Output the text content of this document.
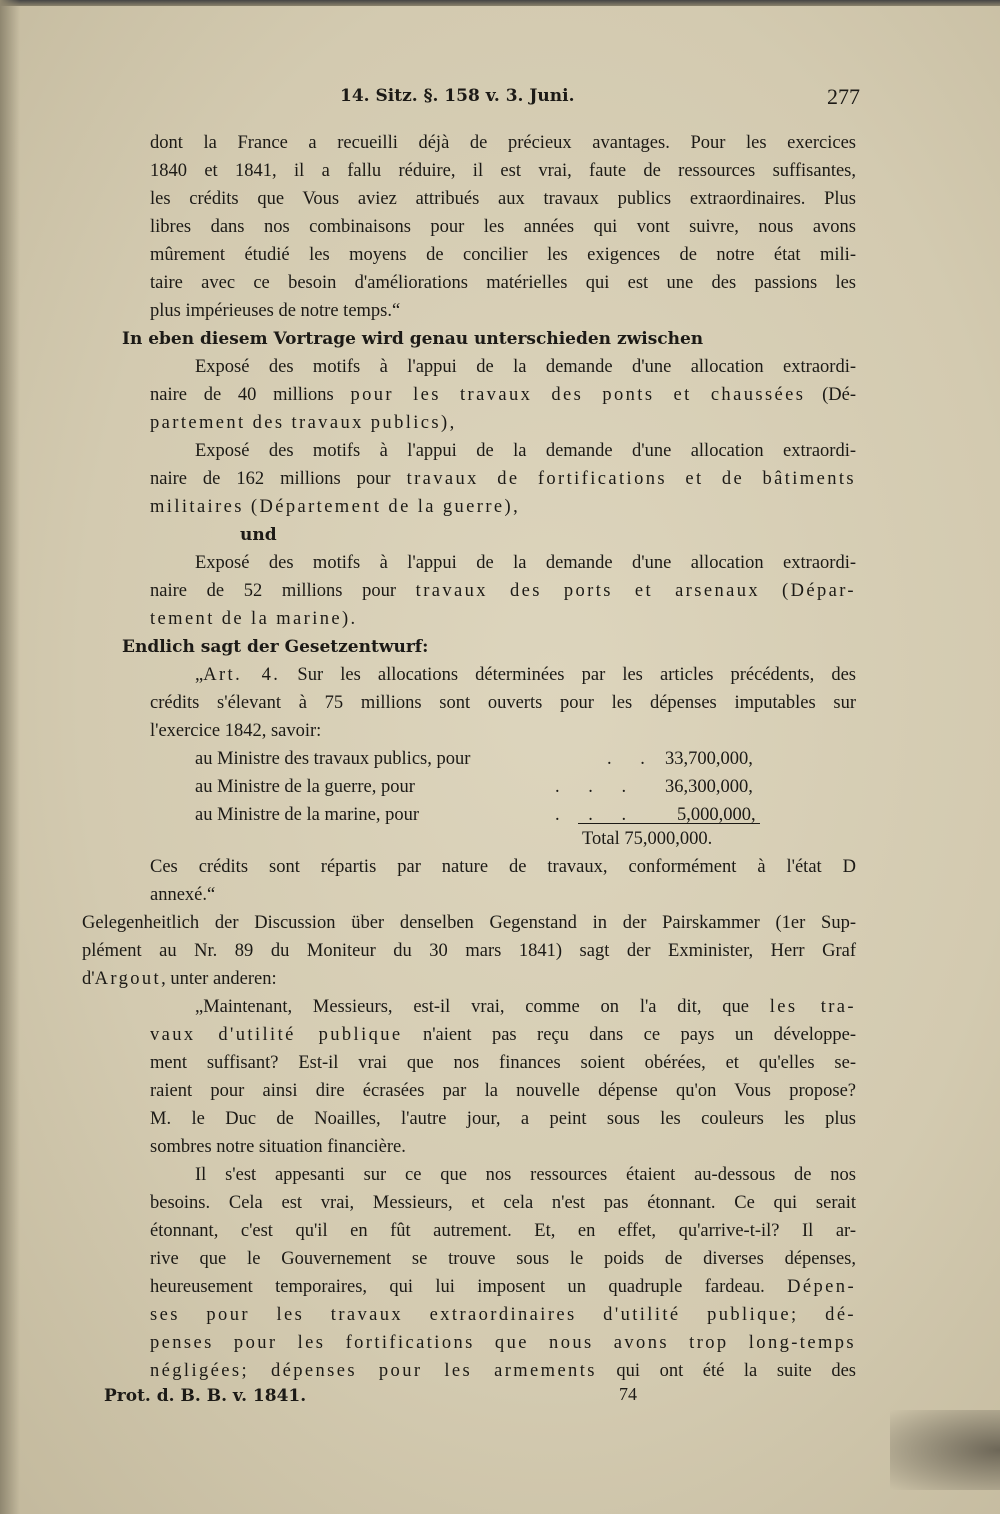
14. Sitz. §. 158 v. 3. Juni.	277
dont la France a recueilli déjà de précieux avantages. Pour les exercices
1840 et 1841, il a fallu réduire, il est vrai, faute de ressources suffisantes,
les crédits que Vous aviez attribués aux travaux publics extraordinaires. Plus
libres dans nos combinaisons pour les années qui vont suivre, nous avons
mûrement étudié les moyens de concilier les exigences de notre état mili-
taire avec ce besoin d'améliorations matérielles qui est une des passions les
plus impérieuses de notre temps.“
In eben diesem Vortrage wird genau unterschieden zwischen
Exposé des motifs à l'appui de la demande d'une allocation extraordi-
naire de 40 millions pour les travaux des ponts et chaussées (Dé-
partement des travaux publics),
Exposé des motifs à l'appui de la demande d'une allocation extraordi-
naire de 162 millions pour travaux de fortifications et de bâtiments
militaires (Département de la guerre),
und
Exposé des motifs à l'appui de la demande d'une allocation extraordi-
naire de 52 millions pour travaux des ports et arsenaux (Dépar-
tement de la marine).
Endlich sagt der Gesetzentwurf:
„Art. 4. Sur les allocations déterminées par les articles précédents, des
crédits s'élevant à 75 millions sont ouverts pour les dépenses imputables sur
l'exercice 1842, savoir:
au Ministre des travaux publics, pour	. . 33,700,000,
au Ministre de la guerre, pour	. . . 36,300,000,
au Ministre de la marine, pour	. . . 5,000,000,
Total 75,000,000.
Ces crédits sont répartis par nature de travaux, conformément à l'état D
annexé.“
Gelegenheitlich der Discussion über denselben Gegenstand in der Pairskammer (1er Sup-
plément au Nr. 89 du Moniteur du 30 mars 1841) sagt der Exminister, Herr Graf
d'Argout, unter anderen:
„Maintenant, Messieurs, est-il vrai, comme on l'a dit, que les tra-
vaux d'utilité publique n'aient pas reçu dans ce pays un développe-
ment suffisant? Est-il vrai que nos finances soient obérées, et qu'elles se-
raient pour ainsi dire écrasées par la nouvelle dépense qu'on Vous propose?
M. le Duc de Noailles, l'autre jour, a peint sous les couleurs les plus
sombres notre situation financière.
Il s'est appesanti sur ce que nos ressources étaient au-dessous de nos
besoins. Cela est vrai, Messieurs, et cela n'est pas étonnant. Ce qui serait
étonnant, c'est qu'il en fût autrement. Et, en effet, qu'arrive-t-il? Il ar-
rive que le Gouvernement se trouve sous le poids de diverses dépenses,
heureusement temporaires, qui lui imposent un quadruple fardeau. Dépen-
ses pour les travaux extraordinaires d'utilité publique; dé-
penses pour les fortifications que nous avons trop long-temps
négligées; dépenses pour les armements qui ont été la suite des
Prot. d. B. B. v. 1841.	74
